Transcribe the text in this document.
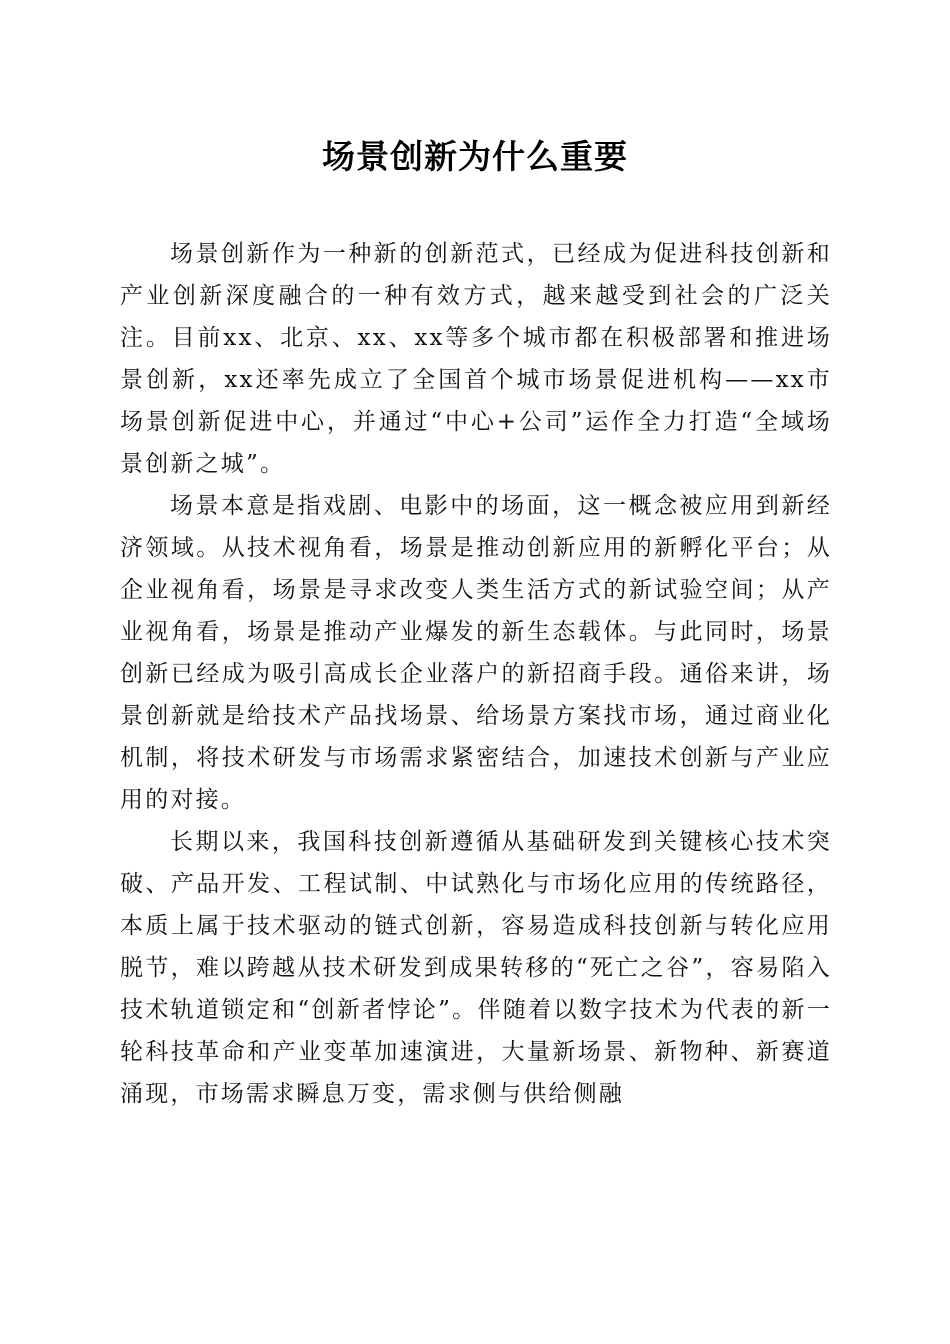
场景创新为什么重要

场景创新作为一种新的创新范式，已经成为促进科技创新和产业创新深度融合的一种有效方式，越来越受到社会的广泛关注。目前xx、北京、xx、xx等多个城市都在积极部署和推进场景创新，xx还率先成立了全国首个城市场景促进机构——xx市场景创新促进中心，并通过“中心+公司”运作全力打造“全域场景创新之城”。

场景本意是指戏剧、电影中的场面，这一概念被应用到新经济领域。从技术视角看，场景是推动创新应用的新孵化平台；从企业视角看，场景是寻求改变人类生活方式的新试验空间；从产业视角看，场景是推动产业爆发的新生态载体。与此同时，场景创新已经成为吸引高成长企业落户的新招商手段。通俗来讲，场景创新就是给技术产品找场景、给场景方案找市场，通过商业化机制，将技术研发与市场需求紧密结合，加速技术创新与产业应用的对接。

长期以来，我国科技创新遵循从基础研发到关键核心技术突破、产品开发、工程试制、中试熟化与市场化应用的传统路径，本质上属于技术驱动的链式创新，容易造成科技创新与转化应用脱节，难以跨越从技术研发到成果转移的“死亡之谷”，容易陷入技术轨道锁定和“创新者悖论”。伴随着以数字技术为代表的新一轮科技革命和产业变革加速演进，大量新场景、新物种、新赛道涌现，市场需求瞬息万变，需求侧与供给侧融
